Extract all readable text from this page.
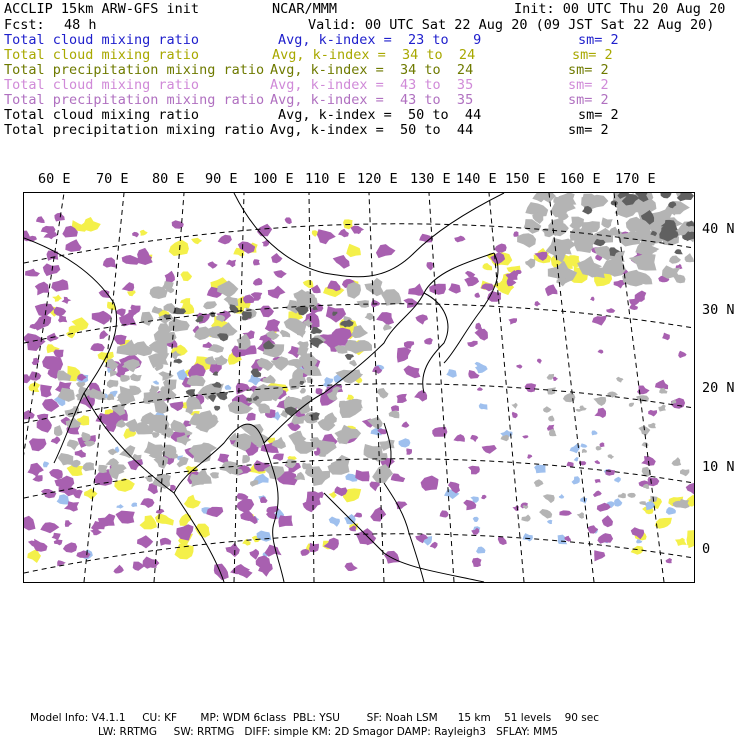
ACCLIP 15km ARW-GFS init	NCAR/MMM	Init: 00 UTC Thu 20 Aug 20
Fcst: 48 h	Valid: 00 UTC Sat 22 Aug 20 (09 JST Sat 22 Aug 20)
Total cloud mixing ratio	Avg, k-index =  23 to   9	sm= 2
Total cloud mixing ratio	Avg, k-index =  34 to  24	sm= 2
Total precipitation mixing ratio Avg, k-index =  34 to  24	sm= 2
Total cloud mixing ratio	Avg, k-index =  43 to  35	sm= 2
Total precipitation mixing ratio Avg, k-index =  43 to  35	sm= 2
Total cloud mixing ratio	Avg, k-index =  50 to  44	sm= 2
Total precipitation mixing ratio Avg, k-index =  50 to  44	sm= 2
60 E 70 E 80 E 90 E 100 E 110 E 120 E 130 E 140 E 150 E 160 E 170 E
40 N
30 N
20 N
10 N
0
Model Info: V4.1.1     CU: KF       MP: WDM 6class  PBL: YSU        SF: Noah LSM      15 km    51 levels    90 sec
LW: RRTMG     SW: RRTMG   DIFF: simple KM: 2D Smagor DAMP: Rayleigh3   SFLAY: MM5
